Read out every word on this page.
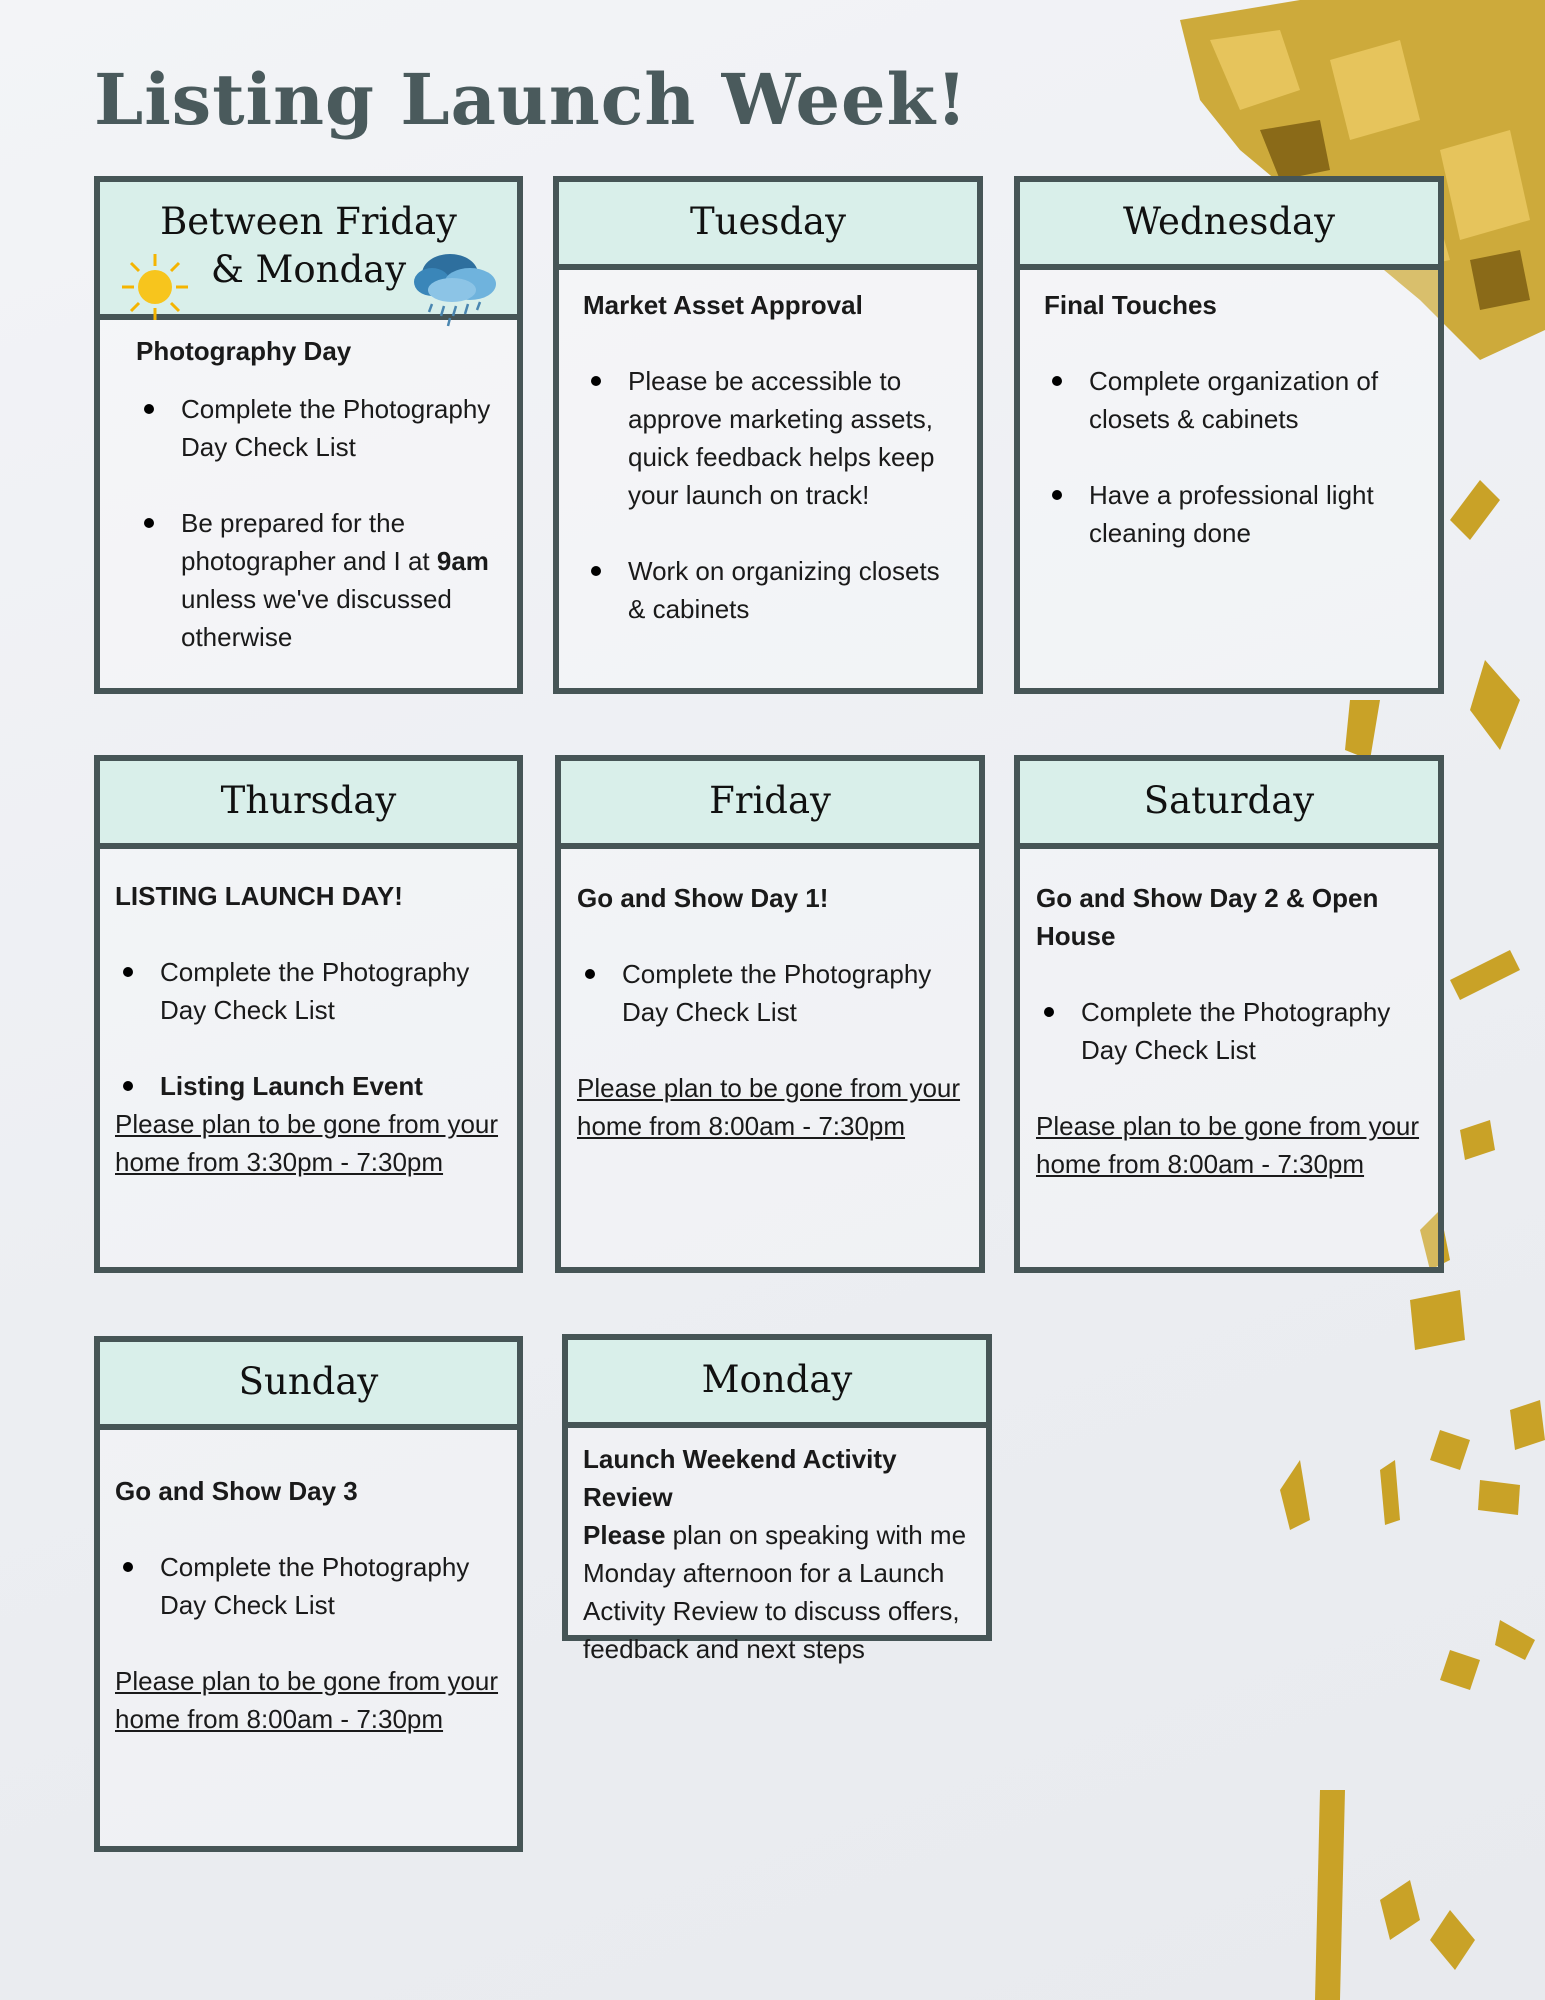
Listing Launch Week!
Between Friday & Monday

Photography Day

Complete the Photography Day Check List
Be prepared for the photographer and I at 9am unless we've discussed otherwise
Tuesday

Market Asset Approval

Please be accessible to approve marketing assets, quick feedback helps keep your launch on track!
Work on organizing closets & cabinets
Wednesday

Final Touches

Complete organization of closets & cabinets
Have a professional light cleaning done
Thursday

LISTING LAUNCH DAY!

Complete the Photography Day Check List
Listing Launch Event

Please plan to be gone from your home from 3:30pm - 7:30pm

Friday

Go and Show Day 1!

Complete the Photography Day Check List

Please plan to be gone from your home from 8:00am - 7:30pm

Saturday

Go and Show Day 2 & Open House

Complete the Photography Day Check List

Please plan to be gone from your home from 8:00am - 7:30pm

Sunday

Go and Show Day 3

Complete the Photography Day Check List

Please plan to be gone from your home from 8:00am - 7:30pm

Monday

Launch Weekend Activity Review

Please plan on speaking with me Monday afternoon for a Launch Activity Review to discuss offers, feedback and next steps
